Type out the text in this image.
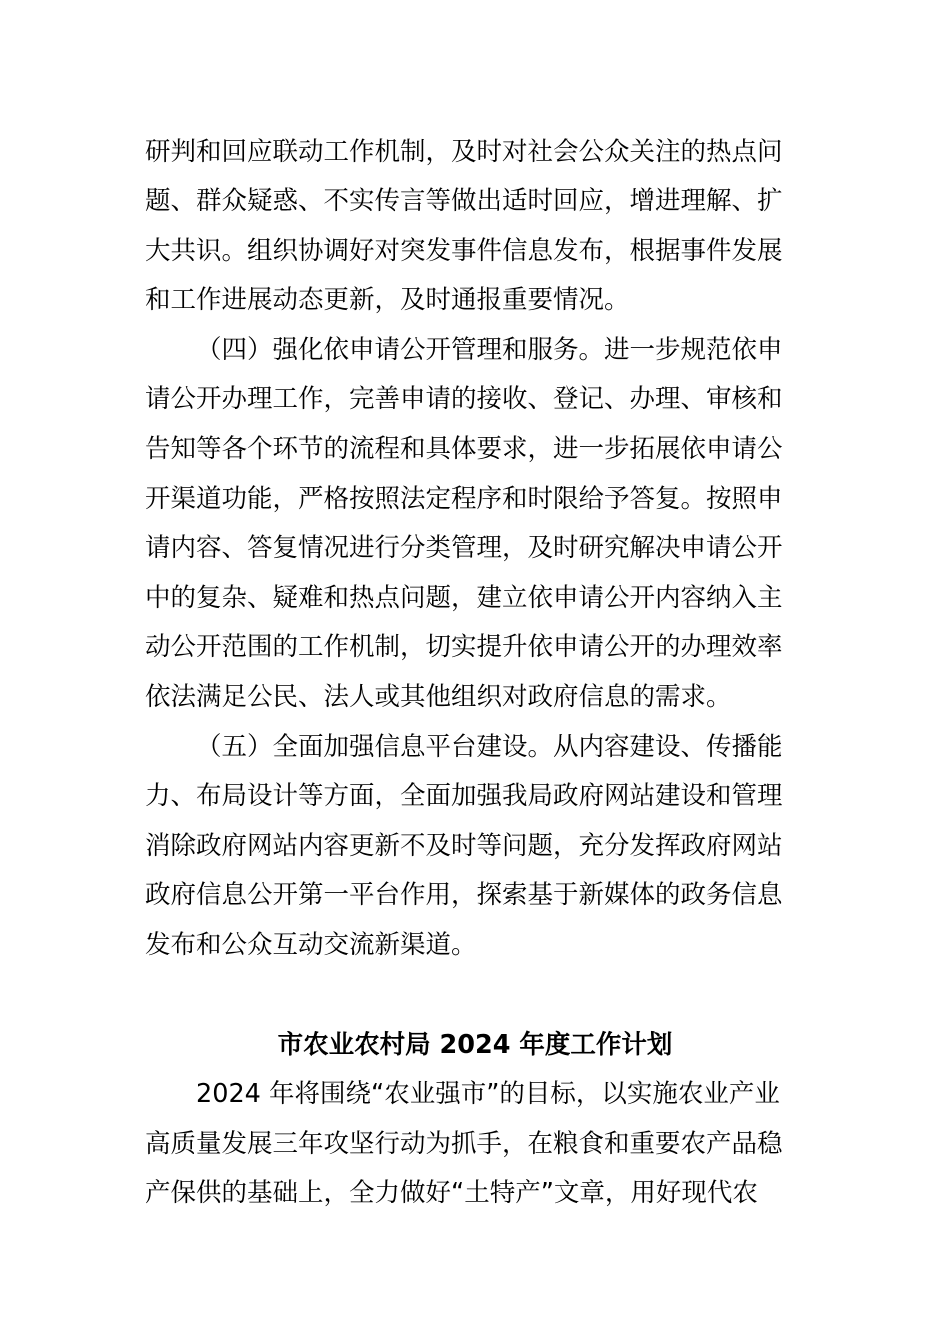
研判和回应联动工作机制，及时对社会公众关注的热点问
题、群众疑惑、不实传言等做出适时回应，增进理解、扩
大共识。组织协调好对突发事件信息发布，根据事件发展
和工作进展动态更新，及时通报重要情况。
（四）强化依申请公开管理和服务。进一步规范依申
请公开办理工作，完善申请的接收、登记、办理、审核和
告知等各个环节的流程和具体要求，进一步拓展依申请公
开渠道功能，严格按照法定程序和时限给予答复。按照申
请内容、答复情况进行分类管理，及时研究解决申请公开
中的复杂、疑难和热点问题，建立依申请公开内容纳入主
动公开范围的工作机制，切实提升依申请公开的办理效率
依法满足公民、法人或其他组织对政府信息的需求。
（五）全面加强信息平台建设。从内容建设、传播能
力、布局设计等方面，全面加强我局政府网站建设和管理
消除政府网站内容更新不及时等问题，充分发挥政府网站
政府信息公开第一平台作用，探索基于新媒体的政务信息
发布和公众互动交流新渠道。
市农业农村局 2024 年度工作计划
2024 年将围绕“农业强市”的目标，以实施农业产业
高质量发展三年攻坚行动为抓手，在粮食和重要农产品稳
产保供的基础上，全力做好“土特产”文章，用好现代农
